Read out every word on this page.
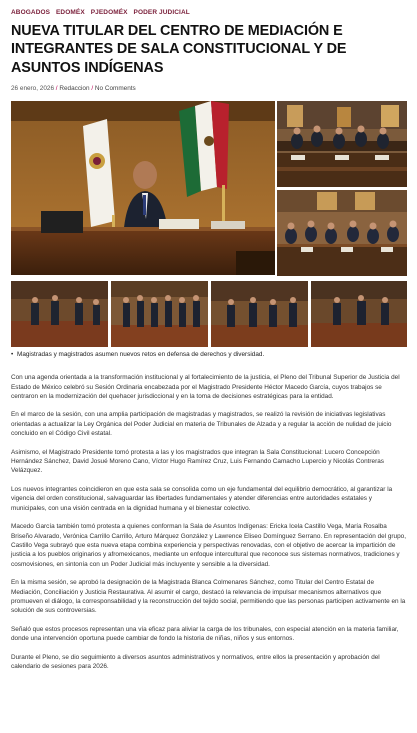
ABOGADOS EDOMÉX PJEDOMÉX PODER JUDICIAL
NUEVA TITULAR DEL CENTRO DE MEDIACIÓN E INTEGRANTES DE SALA CONSTITUCIONAL Y DE ASUNTOS INDÍGENAS
26 enero, 2026 / Redaccion / No Comments
• Magistradas y magistrados asumen nuevos retos en defensa de derechos y diversidad.

Con una agenda orientada a la transformación institucional y al fortalecimiento de la justicia, el Pleno del Tribunal Superior de Justicia del Estado de México celebró su Sesión Ordinaria encabezada por el Magistrado Presidente Héctor Macedo García, cuyos trabajos se centraron en la modernización del quehacer jurisdiccional y en la toma de decisiones estratégicas para la entidad.

En el marco de la sesión, con una amplia participación de magistradas y magistrados, se realizó la revisión de iniciativas legislativas orientadas a actualizar la Ley Orgánica del Poder Judicial en materia de Tribunales de Alzada y a regular la acción de nulidad de juicio concluido en el Código Civil estatal.

Asimismo, el Magistrado Presidente tomó protesta a las y los magistrados que integran la Sala Constitucional: Lucero Concepción Hernández Sánchez, David Josué Moreno Cano, Víctor Hugo Ramírez Cruz, Luis Fernando Camacho Lupercio y Nicolás Contreras Velázquez.

Los nuevos integrantes coincidieron en que esta sala se consolida como un eje fundamental del equilibrio democrático, al garantizar la vigencia del orden constitucional, salvaguardar las libertades fundamentales y atender diferencias entre autoridades estatales y municipales, con una visión centrada en la dignidad humana y el bienestar colectivo.

Macedo García también tomó protesta a quienes conforman la Sala de Asuntos Indígenas: Ericka Icela Castillo Vega, María Rosalba Briseño Alvarado, Verónica Carrillo Carrillo, Arturo Márquez González y Lawrence Eliseo Domínguez Serrano. En representación del grupo, Castillo Vega subrayó que esta nueva etapa combina experiencia y perspectivas renovadas, con el objetivo de acercar la impartición de justicia a los pueblos originarios y afromexicanos, mediante un enfoque intercultural que reconoce sus sistemas normativos, tradiciones y cosmovisiones, en sintonía con un Poder Judicial más incluyente y sensible a la diversidad.

En la misma sesión, se aprobó la designación de la Magistrada Blanca Colmenares Sánchez, como Titular del Centro Estatal de Mediación, Conciliación y Justicia Restaurativa. Al asumir el cargo, destacó la relevancia de impulsar mecanismos alternativos que promueven el diálogo, la corresponsabilidad y la reconstrucción del tejido social, permitiendo que las personas participen activamente en la solución de sus controversias.

Señaló que estos procesos representan una vía eficaz para aliviar la carga de los tribunales, con especial atención en la materia familiar, donde una intervención oportuna puede cambiar de fondo la historia de niñas, niños y sus entornos.

Durante el Pleno, se dio seguimiento a diversos asuntos administrativos y normativos, entre ellos la presentación y aprobación del calendario de sesiones para 2026.
